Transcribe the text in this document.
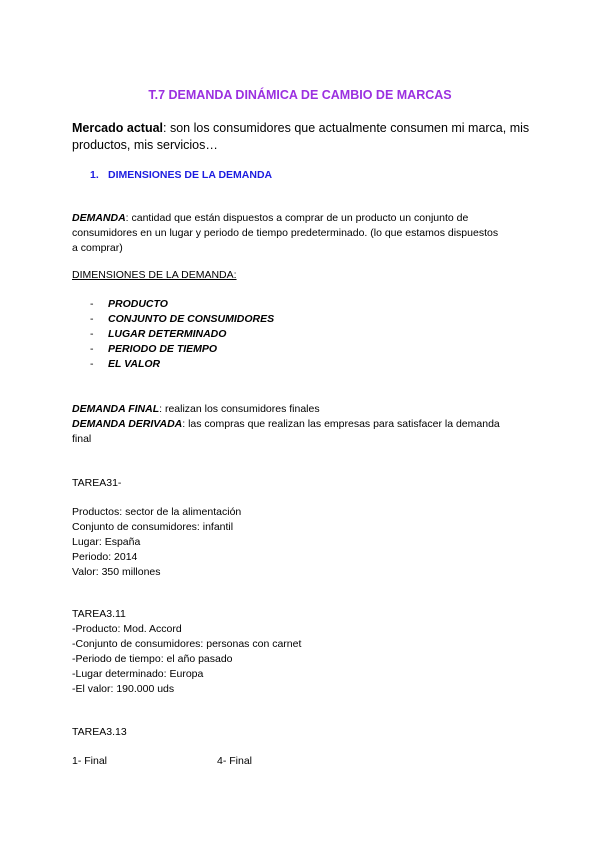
T.7 DEMANDA DINÁMICA DE CAMBIO DE MARCAS
Mercado actual: son los consumidores que actualmente consumen mi marca, mis
productos, mis servicios…
1. DIMENSIONES DE LA DEMANDA
DEMANDA: cantidad que están dispuestos a comprar de un producto un conjunto de
consumidores en un lugar y periodo de tiempo predeterminado. (lo que estamos dispuestos
a comprar)
DIMENSIONES DE LA DEMANDA:
- PRODUCTO
- CONJUNTO DE CONSUMIDORES
- LUGAR DETERMINADO
- PERIODO DE TIEMPO
- EL VALOR
DEMANDA FINAL: realizan los consumidores finales
DEMANDA DERIVADA: las compras que realizan las empresas para satisfacer la demanda
final
TAREA31-
Productos: sector de la alimentación
Conjunto de consumidores: infantil
Lugar: España
Periodo: 2014
Valor: 350 millones
TAREA3.11
-Producto: Mod. Accord
-Conjunto de consumidores: personas con carnet
-Periodo de tiempo: el año pasado
-Lugar determinado: Europa
-El valor: 190.000 uds
TAREA3.13
1- Final	4- Final
